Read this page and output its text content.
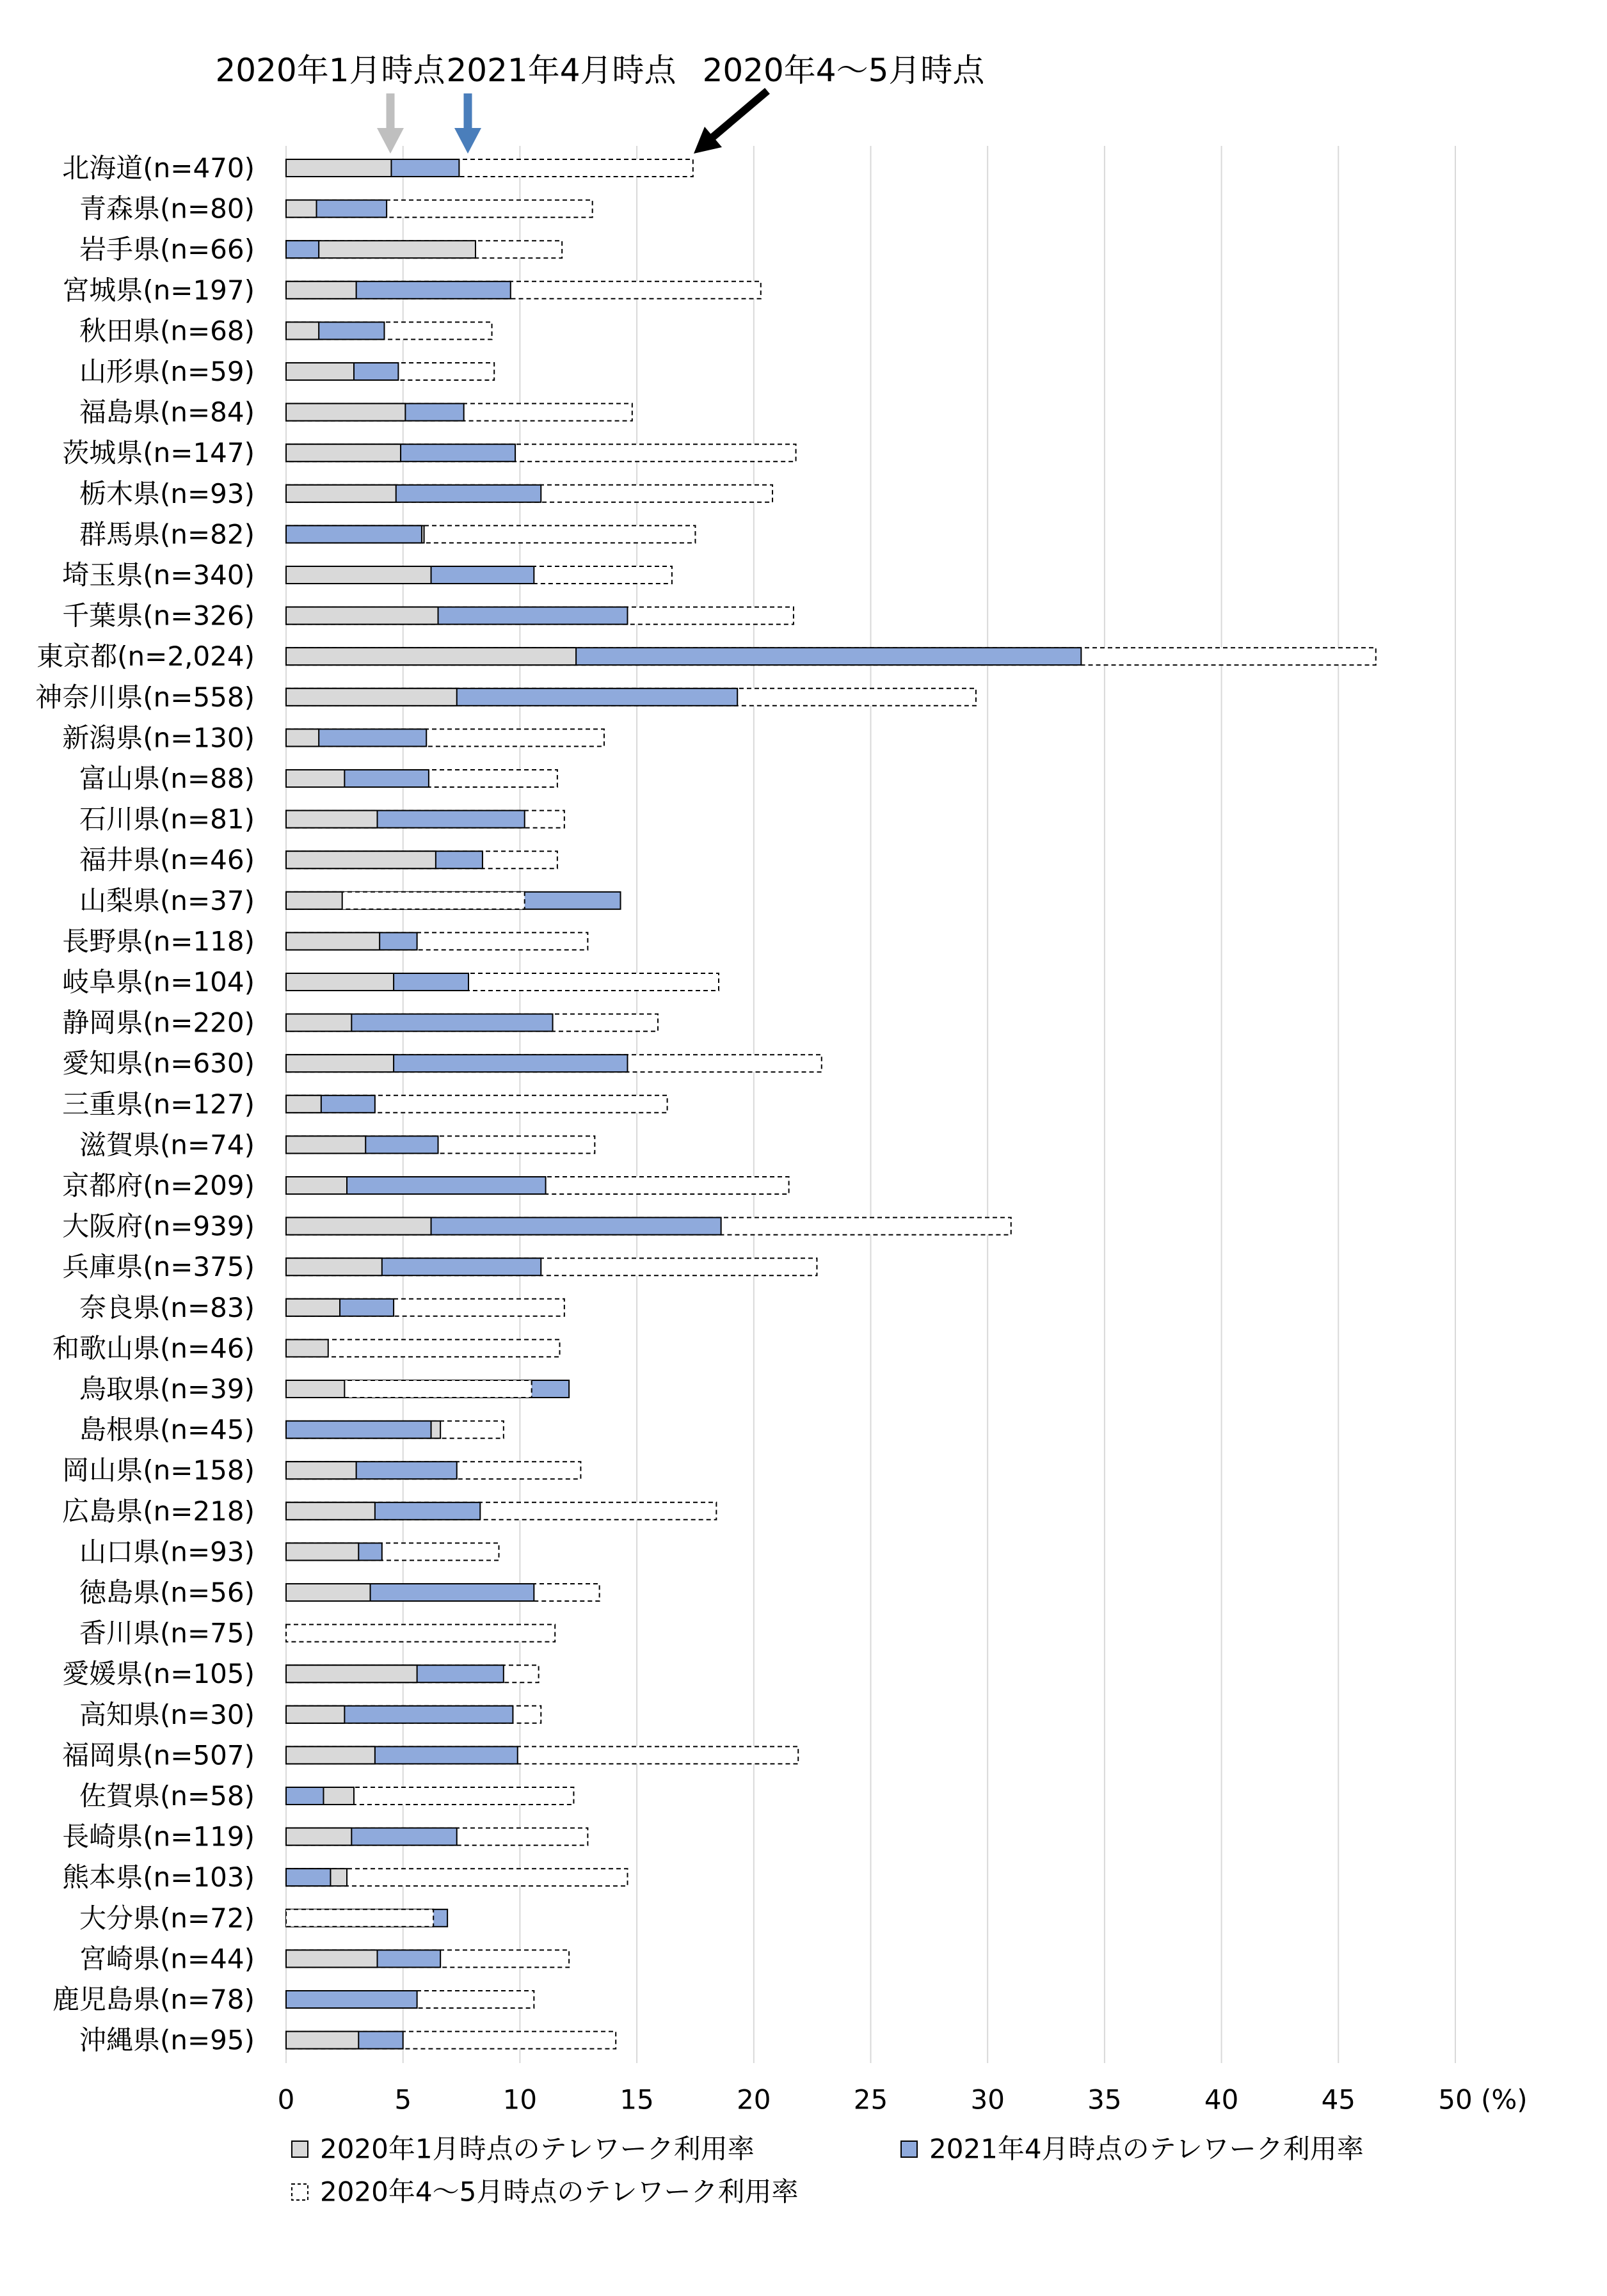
0	5	10	15	20	25	30	35	40	45	50 (%)
北海道(n=470)
青森県(n=80)
岩手県(n=66)
宮城県(n=197)
秋田県(n=68)
山形県(n=59)
福島県(n=84)
茨城県(n=147)
栃木県(n=93)
群馬県(n=82)
埼玉県(n=340)
千葉県(n=326)
東京都(n=2,024)
神奈川県(n=558)
新潟県(n=130)
富山県(n=88)
石川県(n=81)
福井県(n=46)
山梨県(n=37)
長野県(n=118)
岐阜県(n=104)
静岡県(n=220)
愛知県(n=630)
三重県(n=127)
滋賀県(n=74)
京都府(n=209)
大阪府(n=939)
兵庫県(n=375)
奈良県(n=83)
和歌山県(n=46)
鳥取県(n=39)
島根県(n=45)
岡山県(n=158)
広島県(n=218)
山口県(n=93)
徳島県(n=56)
香川県(n=75)
愛媛県(n=105)
高知県(n=30)
福岡県(n=507)
佐賀県(n=58)
長崎県(n=119)
熊本県(n=103)
大分県(n=72)
宮崎県(n=44)
鹿児島県(n=78)
沖縄県(n=95)
2020年1月時点 2021年4月時点 2020年4～5月時点
2020年1月時点のテレワーク利用率	2021年4月時点のテレワーク利用率
2020年4～5月時点のテレワーク利用率
